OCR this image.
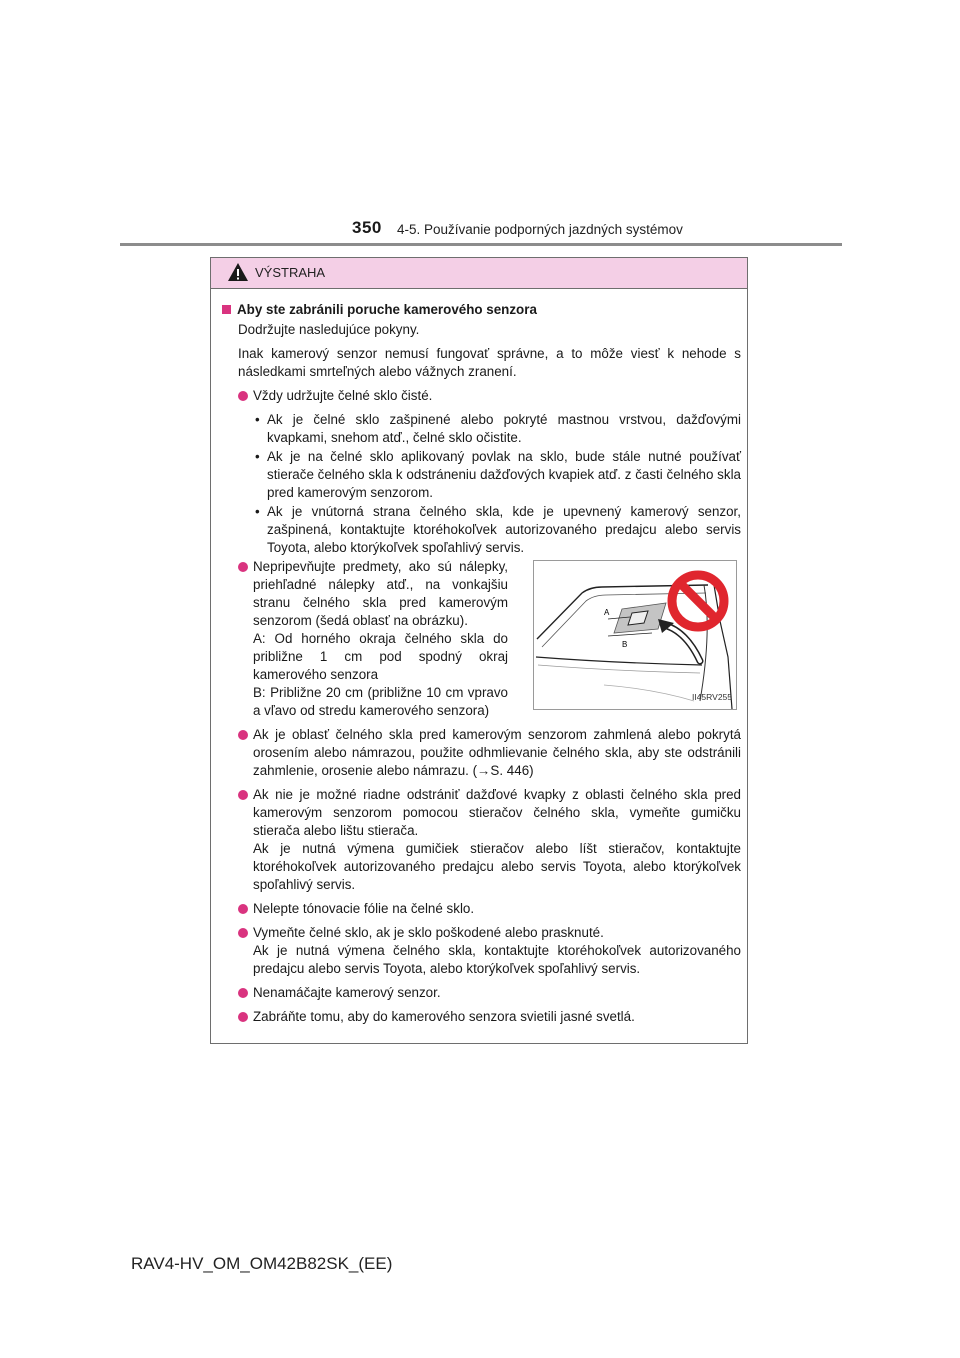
350 4-5. Používanie podporných jazdných systémov
VÝSTRAHA
Aby ste zabránili poruche kamerového senzora
Dodržujte nasledujúce pokyny.
Inak kamerový senzor nemusí fungovať správne, a to môže viesť k nehode s následkami smrteľných alebo vážnych zranení.
Vždy udržujte čelné sklo čisté.
• Ak je čelné sklo zašpinené alebo pokryté mastnou vrstvou, dažďovými kvapkami, snehom atď., čelné sklo očistite.
• Ak je na čelné sklo aplikovaný povlak na sklo, bude stále nutné používať stierače čelného skla k odstráneniu dažďových kvapiek atď. z časti čelného skla pred kamerovým senzorom.
• Ak je vnútorná strana čelného skla, kde je upevnený kamerový senzor, zašpinená, kontaktujte ktoréhokoľvek autorizovaného predajcu alebo servis Toyota, alebo ktorýkoľvek spoľahlivý servis.
Nepripevňujte predmety, ako sú nálepky, priehľadné nálepky atď., na vonkajšiu stranu čelného skla pred kamerovým senzorom (šedá oblasť na obrázku).
A: Od horného okraja čelného skla do približne 1 cm pod spodný okraj kamerového senzora
B: Približne 20 cm (približne 10 cm vpravo a vľavo od stredu kamerového senzora)
A
B
II45RV255
Ak je oblasť čelného skla pred kamerovým senzorom zahmlená alebo pokrytá orosením alebo námrazou, použite odhmlievanie čelného skla, aby ste odstránili zahmlenie, orosenie alebo námrazu. (→S. 446)
Ak nie je možné riadne odstrániť dažďové kvapky z oblasti čelného skla pred kamerovým senzorom pomocou stieračov čelného skla, vymeňte gumičku stierača alebo lištu stierača.
Ak je nutná výmena gumičiek stieračov alebo líšt stieračov, kontaktujte ktoréhokoľvek autorizovaného predajcu alebo servis Toyota, alebo ktorýkoľvek spoľahlivý servis.
Nelepte tónovacie fólie na čelné sklo.
Vymeňte čelné sklo, ak je sklo poškodené alebo prasknuté.
Ak je nutná výmena čelného skla, kontaktujte ktoréhokoľvek autorizovaného predajcu alebo servis Toyota, alebo ktorýkoľvek spoľahlivý servis.
Nenamáčajte kamerový senzor.
Zabráňte tomu, aby do kamerového senzora svietili jasné svetlá.
RAV4-HV_OM_OM42B82SK_(EE)
